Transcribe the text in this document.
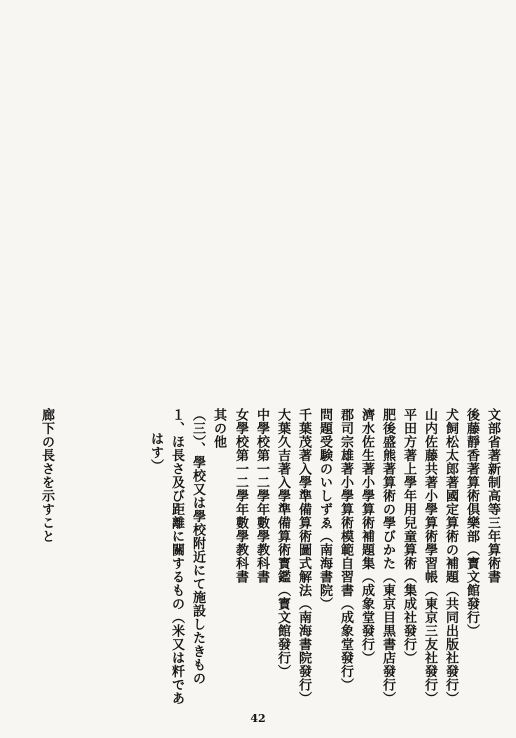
文部省著新制高等三年算術書
後藤靜香著算術倶樂部（寳文館發行）
犬飼松太郎著國定算術の補題（共同出版社發行）
山内佐藤共著小學算術學習帳（東京三友社發行）
平田方著上學年用兒童算術（集成社發行）
肥後盛熊著算術の學びかた（東京目黒書店發行）
濟水佐生著小學算術補題集（成象堂發行）
郡司宗雄著小學算術模範自習書（成象堂發行）
問題受験のいしずゑ（南海書院）
千葉茂著入學準備算術圖式解法（南海書院發行）
大葉久吉著入學準備算術寳鑑（寳文館發行）
中學校第一二學年數學教科書
女學校第一二學年數學教科書
其の他
（三）、學校又は學校附近にて施設したきもの
１、ほ長さ及び距離に關するもの（米又は粁であ
はす）
廊下の長さを示すこと
42
